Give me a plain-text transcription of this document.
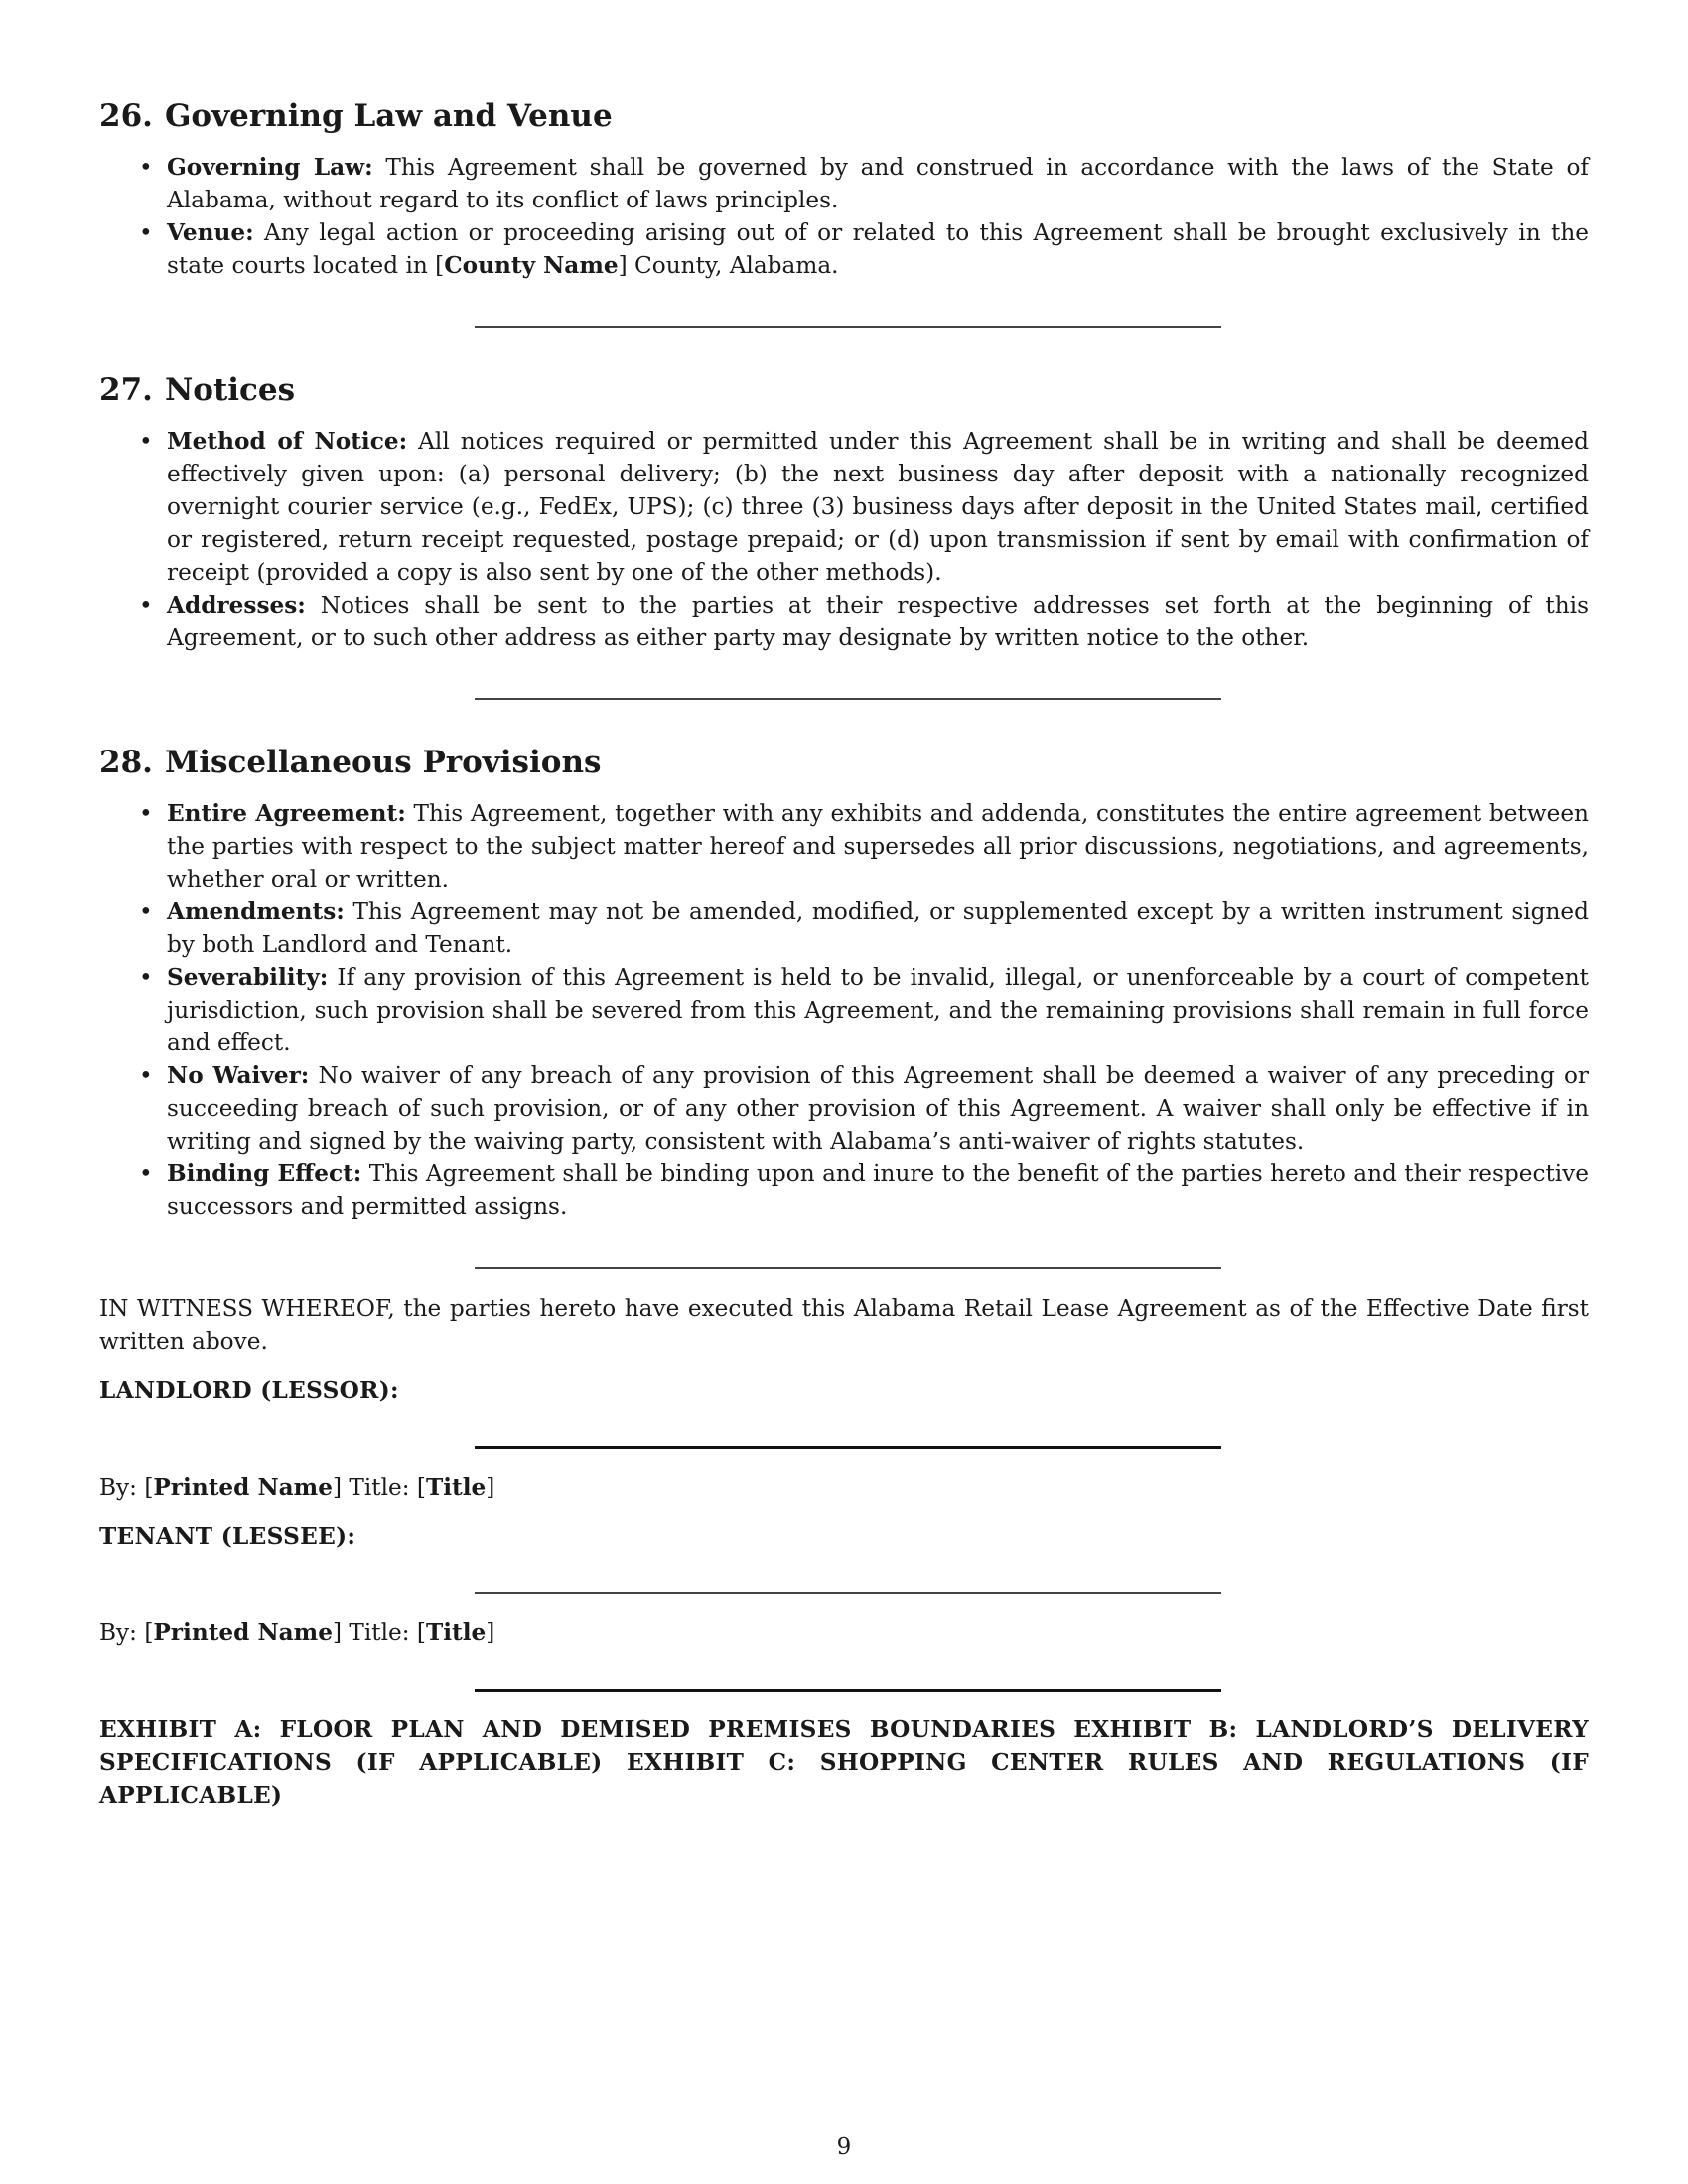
26. Governing Law and Venue
• Governing Law: This Agreement shall be governed by and construed in accordance with the laws of the State of Alabama, without regard to its conflict of laws principles.
• Venue: Any legal action or proceeding arising out of or related to this Agreement shall be brought exclusively in the state courts located in [County Name] County, Alabama.
27. Notices
• Method of Notice: All notices required or permitted under this Agreement shall be in writing and shall be deemed effectively given upon: (a) personal delivery; (b) the next business day after deposit with a nationally recognized overnight courier service (e.g., FedEx, UPS); (c) three (3) business days after deposit in the United States mail, certified or registered, return receipt requested, postage prepaid; or (d) upon transmission if sent by email with confirmation of receipt (provided a copy is also sent by one of the other methods).
• Addresses: Notices shall be sent to the parties at their respective addresses set forth at the beginning of this Agreement, or to such other address as either party may designate by written notice to the other.
28. Miscellaneous Provisions
• Entire Agreement: This Agreement, together with any exhibits and addenda, constitutes the entire agreement between the parties with respect to the subject matter hereof and supersedes all prior discussions, negotiations, and agreements, whether oral or written.
• Amendments: This Agreement may not be amended, modified, or supplemented except by a written instrument signed by both Landlord and Tenant.
• Severability: If any provision of this Agreement is held to be invalid, illegal, or unenforceable by a court of competent jurisdiction, such provision shall be severed from this Agreement, and the remaining provisions shall remain in full force and effect.
• No Waiver: No waiver of any breach of any provision of this Agreement shall be deemed a waiver of any preceding or succeeding breach of such provision, or of any other provision of this Agreement. A waiver shall only be effective if in writing and signed by the waiving party, consistent with Alabama’s anti-waiver of rights statutes.
• Binding Effect: This Agreement shall be binding upon and inure to the benefit of the parties hereto and their respective successors and permitted assigns.
IN WITNESS WHEREOF, the parties hereto have executed this Alabama Retail Lease Agreement as of the Effective Date first written above.
LANDLORD (LESSOR):
By: [Printed Name] Title: [Title]
TENANT (LESSEE):
By: [Printed Name] Title: [Title]
EXHIBIT A: FLOOR PLAN AND DEMISED PREMISES BOUNDARIES EXHIBIT B: LANDLORD’S DELIVERY SPECIFICATIONS (IF APPLICABLE) EXHIBIT C: SHOPPING CENTER RULES AND REGULATIONS (IF APPLICABLE)
9
